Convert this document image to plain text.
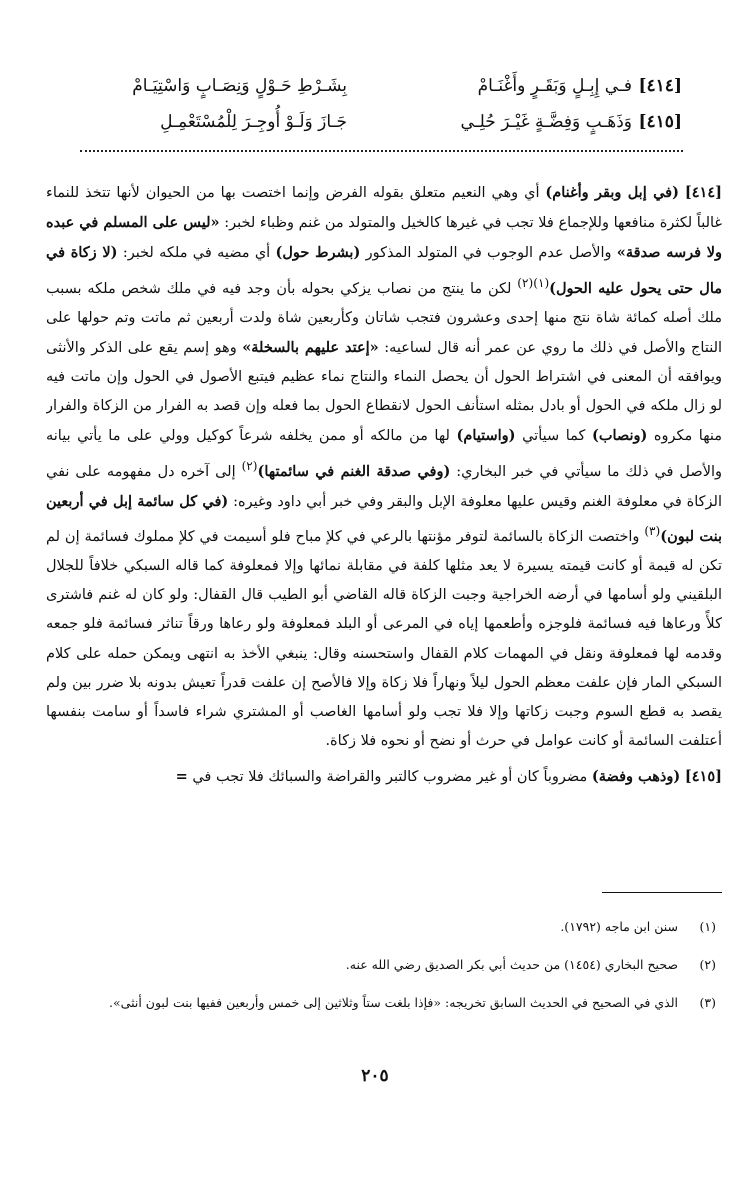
[٤١٤]
فـي إِبِـلٍ وَبَقَـرٍ وأَغْنَـامْ
بِشَـرْطِ حَـوْلٍ وَنِصَـابٍ وَاسْتِيَـامْ
[٤١٥]
وَذَهَـبٍ وَفِضَّـةٍ غَيْـرَ حُلِـي
جَـازَ وَلَـوْ أُوجِـرَ لِلْمُسْتَعْمِـلِ

[٤١٤] (في إبل وبقر وأغنام) أي وهي النعيم متعلق بقوله الفرض وإنما اختصت بها من الحيوان لأنها تتخذ للنماء غالباً لكثرة منافعها وللإجماع فلا تجب في غيرها كالخيل والمتولد من غنم وظباء لخبر: «ليس على المسلم في عبده ولا فرسه صدقة» والأصل عدم الوجوب في المتولد المذكور (بشرط حول) أي مضيه في ملكه لخبر: (لا زكاة في مال حتى يحول عليه الحول)$^{(١)(٢)}$ لكن ما ينتج من نصاب يزكي بحوله بأن وجد فيه في ملك شخص ملكه بسبب ملك أصله كمائة شاة نتج منها إحدى وعشرون فتجب شاتان وكأربعين شاة ولدت أربعين ثم ماتت وتم حولها على النتاج والأصل في ذلك ما روي عن عمر أنه قال لساعيه: «إعتد عليهم بالسخلة» وهو إسم يقع على الذكر والأنثى ويوافقه أن المعنى في اشتراط الحول أن يحصل النماء والنتاج نماء عظيم فيتبع الأصول في الحول وإن ماتت فيه لو زال ملكه في الحول أو بادل بمثله استأنف الحول لانقطاع الحول بما فعله وإن قصد به الفرار من الزكاة والفرار منها مكروه (ونصاب) كما سيأتي (واستيام) لها من مالكه أو ممن يخلفه شرعاً كوكيل وولي على ما يأتي بيانه والأصل في ذلك ما سيأتي في خبر البخاري: (وفي صدقة الغنم في سائمتها)$^{(٢)}$ إلى آخره دل مفهومه على نفي الزكاة في معلوفة الغنم وقيس عليها معلوفة الإبل والبقر وفي خبر أبي داود وغيره: (في كل سائمة إبل في أربعين بنت لبون)$^{(٣)}$ واختصت الزكاة بالسائمة لتوفر مؤنتها بالرعي في كلإ مباح فلو أسيمت في كلإ مملوك فسائمة إن لم تكن له قيمة أو كانت قيمته يسيرة لا يعد مثلها كلفة في مقابلة نمائها وإلا فمعلوفة كما قاله السبكي خلافاً للجلال البلقيني ولو أسامها في أرضه الخراجية وجبت الزكاة قاله القاضي أبو الطيب قال القفال: ولو كان له غنم فاشترى كلأً ورعاها فيه فسائمة فلوجزه وأطعمها إياه في المرعى أو البلد فمعلوفة ولو رعاها ورقاً تناثر فسائمة فلو جمعه وقدمه لها فمعلوفة ونقل في المهمات كلام القفال واستحسنه وقال: ينبغي الأخذ به انتهى ويمكن حمله على كلام السبكي المار فإن علفت معظم الحول ليلاً ونهاراً فلا زكاة وإلا فالأصح إن علفت قدراً تعيش بدونه بلا ضرر بين ولم يقصد به قطع السوم وجبت زكاتها وإلا فلا تجب ولو أسامها الغاصب أو المشتري شراء فاسداً أو سامت بنفسها أعتلفت السائمة أو كانت عوامل في حرث أو نضح أو نحوه فلا زكاة.

[٤١٥] (وذهب وفضة) مضروباً كان أو غير مضروب كالتبر والقراضة والسبائك فلا تجب في =

(١) سنن ابن ماجه (١٧٩٢).

(٢) صحيح البخاري (١٤٥٤) من حديث أبي بكر الصديق رضي الله عنه.

(٣) الذي في الصحيح في الحديث السابق تخريجه: «فإذا بلغت ستاً وثلاثين إلى خمس وأربعين ففيها بنت لبون أنثى».

٢٠٥
